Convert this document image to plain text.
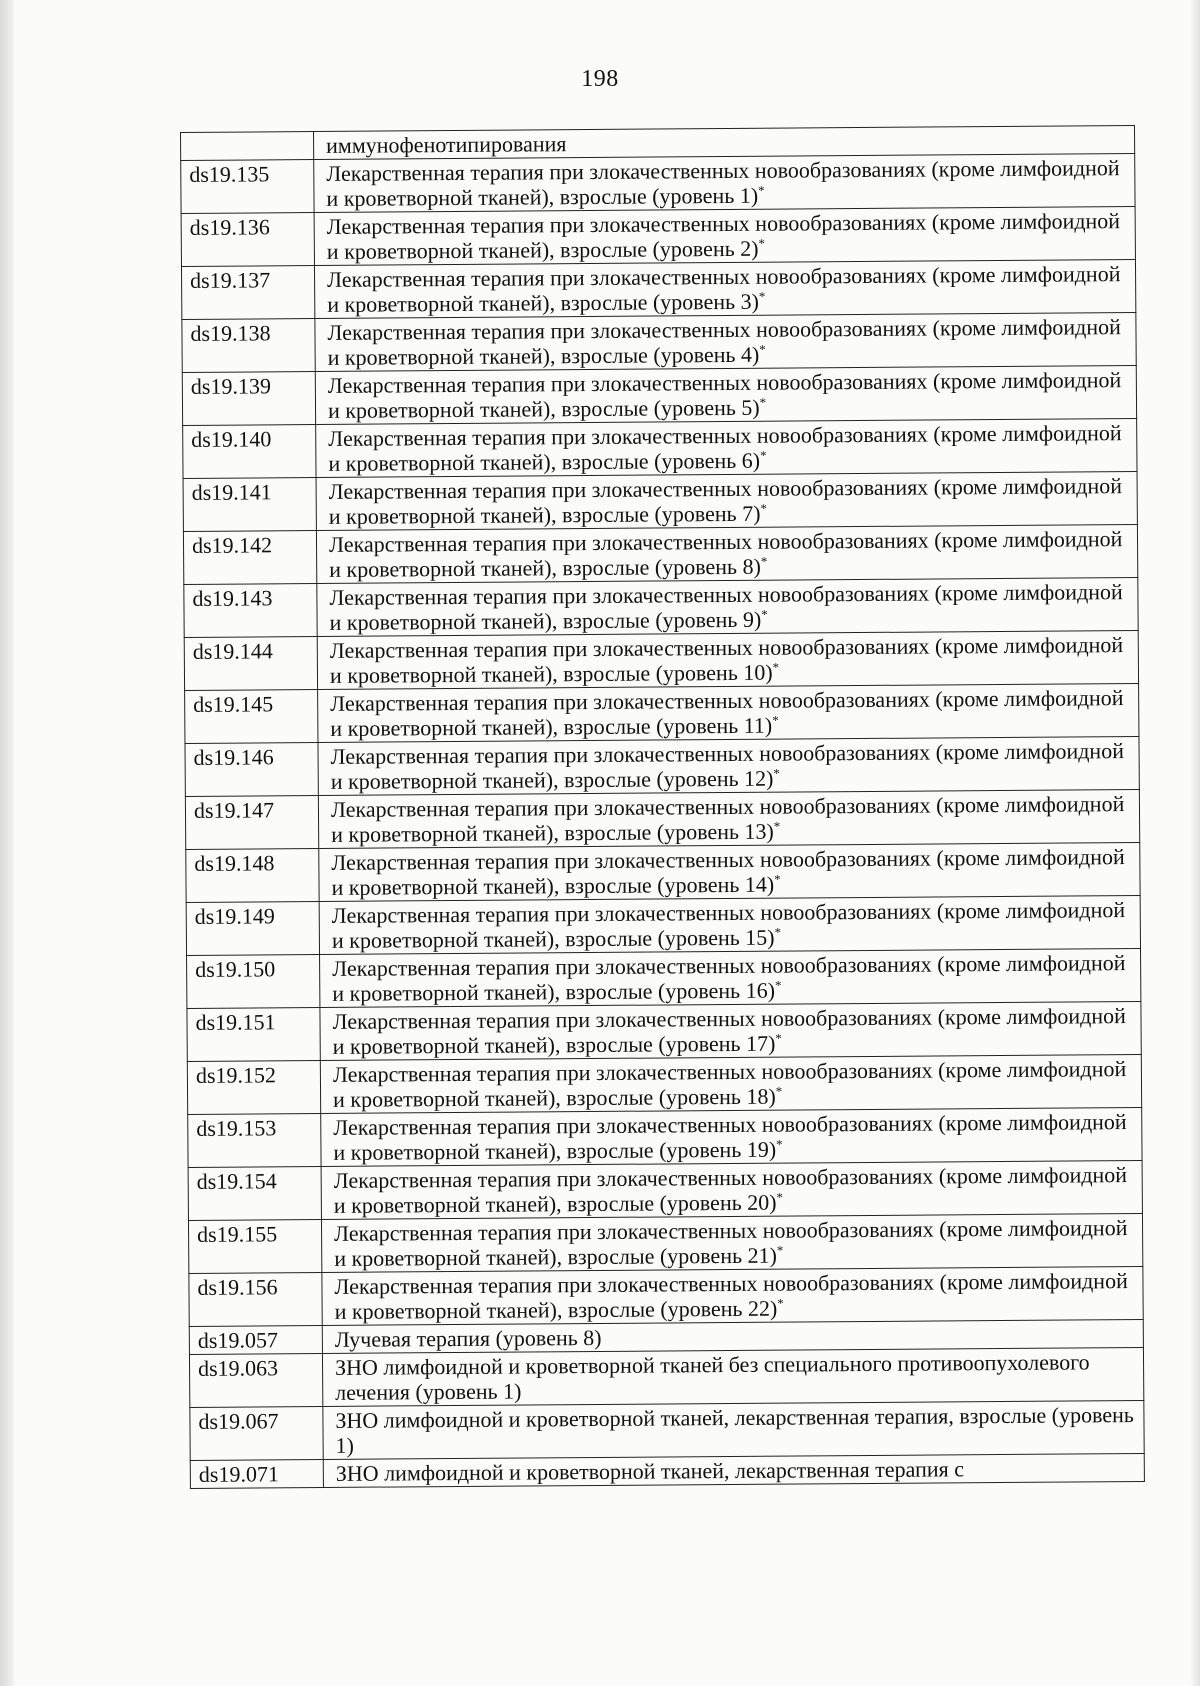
198
	иммунофенотипирования
ds19.135	Лекарственная терапия при злокачественных новообразованиях (кроме лимфоидной и кроветворной тканей), взрослые (уровень 1)*
ds19.136	Лекарственная терапия при злокачественных новообразованиях (кроме лимфоидной и кроветворной тканей), взрослые (уровень 2)*
ds19.137	Лекарственная терапия при злокачественных новообразованиях (кроме лимфоидной и кроветворной тканей), взрослые (уровень 3)*
ds19.138	Лекарственная терапия при злокачественных новообразованиях (кроме лимфоидной и кроветворной тканей), взрослые (уровень 4)*
ds19.139	Лекарственная терапия при злокачественных новообразованиях (кроме лимфоидной и кроветворной тканей), взрослые (уровень 5)*
ds19.140	Лекарственная терапия при злокачественных новообразованиях (кроме лимфоидной и кроветворной тканей), взрослые (уровень 6)*
ds19.141	Лекарственная терапия при злокачественных новообразованиях (кроме лимфоидной и кроветворной тканей), взрослые (уровень 7)*
ds19.142	Лекарственная терапия при злокачественных новообразованиях (кроме лимфоидной и кроветворной тканей), взрослые (уровень 8)*
ds19.143	Лекарственная терапия при злокачественных новообразованиях (кроме лимфоидной и кроветворной тканей), взрослые (уровень 9)*
ds19.144	Лекарственная терапия при злокачественных новообразованиях (кроме лимфоидной и кроветворной тканей), взрослые (уровень 10)*
ds19.145	Лекарственная терапия при злокачественных новообразованиях (кроме лимфоидной и кроветворной тканей), взрослые (уровень 11)*
ds19.146	Лекарственная терапия при злокачественных новообразованиях (кроме лимфоидной и кроветворной тканей), взрослые (уровень 12)*
ds19.147	Лекарственная терапия при злокачественных новообразованиях (кроме лимфоидной и кроветворной тканей), взрослые (уровень 13)*
ds19.148	Лекарственная терапия при злокачественных новообразованиях (кроме лимфоидной и кроветворной тканей), взрослые (уровень 14)*
ds19.149	Лекарственная терапия при злокачественных новообразованиях (кроме лимфоидной и кроветворной тканей), взрослые (уровень 15)*
ds19.150	Лекарственная терапия при злокачественных новообразованиях (кроме лимфоидной и кроветворной тканей), взрослые (уровень 16)*
ds19.151	Лекарственная терапия при злокачественных новообразованиях (кроме лимфоидной и кроветворной тканей), взрослые (уровень 17)*
ds19.152	Лекарственная терапия при злокачественных новообразованиях (кроме лимфоидной и кроветворной тканей), взрослые (уровень 18)*
ds19.153	Лекарственная терапия при злокачественных новообразованиях (кроме лимфоидной и кроветворной тканей), взрослые (уровень 19)*
ds19.154	Лекарственная терапия при злокачественных новообразованиях (кроме лимфоидной и кроветворной тканей), взрослые (уровень 20)*
ds19.155	Лекарственная терапия при злокачественных новообразованиях (кроме лимфоидной и кроветворной тканей), взрослые (уровень 21)*
ds19.156	Лекарственная терапия при злокачественных новообразованиях (кроме лимфоидной и кроветворной тканей), взрослые (уровень 22)*
ds19.057	Лучевая терапия (уровень 8)
ds19.063	ЗНО лимфоидной и кроветворной тканей без специального противоопухолевого лечения (уровень 1)
ds19.067	ЗНО лимфоидной и кроветворной тканей, лекарственная терапия, взрослые (уровень 1)
ds19.071	ЗНО лимфоидной и кроветворной тканей, лекарственная терапия с
